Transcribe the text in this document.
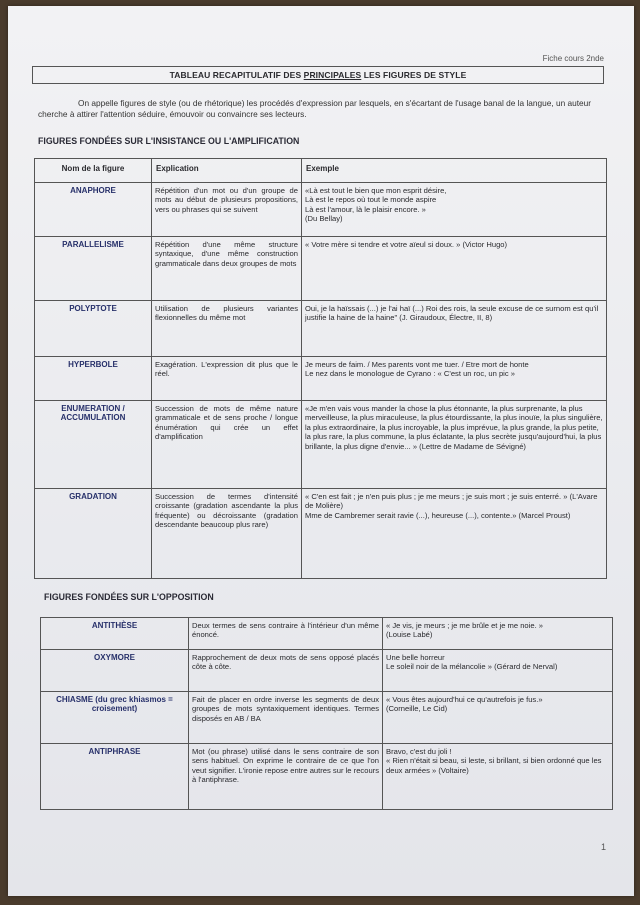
Fiche cours 2nde
TABLEAU RECAPITULATIF DES PRINCIPALES LES FIGURES DE STYLE
On appelle figures de style (ou de rhétorique) les procédés d'expression par lesquels, en s'écartant de l'usage banal de la langue, un auteur cherche à attirer l'attention séduire, émouvoir ou convaincre ses lecteurs.
FIGURES FONDÉES SUR L'INSISTANCE OU L'AMPLIFICATION
Nom de la figure	Explication	Exemple
ANAPHORE	Répétition d'un mot ou d'un groupe de mots au début de plusieurs propositions, vers ou phrases qui se suivent	«Là est tout le bien que mon esprit désire,
Là est le repos où tout le monde aspire
Là est l'amour, là le plaisir encore. »
(Du Bellay)

PARALLELISME	Répétition d'une même structure syntaxique, d'une même construction grammaticale dans deux groupes de mots	« Votre mère si tendre et votre aïeul si doux. » (Victor Hugo)

POLYPTOTE	Utilisation de plusieurs variantes flexionnelles du même mot	Oui, je la haïssais (...) je l'ai haï (...) Roi des rois, la seule excuse de ce surnom est qu'il justifie la haine de la haine" (J. Giraudoux, Électre, II, 8)

HYPERBOLE	Exagération. L'expression dit plus que le réel.	Je meurs de faim. / Mes parents vont me tuer. / Etre mort de honte
Le nez dans le monologue de Cyrano : « C'est un roc, un pic »

ENUMERATION / ACCUMULATION	Succession de mots de même nature grammaticale et de sens proche / longue énumération qui crée un effet d'amplification	«Je m'en vais vous mander la chose la plus étonnante, la plus surprenante, la plus merveilleuse, la plus miraculeuse, la plus étourdissante, la plus inouïe, la plus singulière, la plus extraordinaire, la plus incroyable, la plus imprévue, la plus grande, la plus petite, la plus rare, la plus commune, la plus éclatante, la plus secrète jusqu'aujourd'hui, la plus brillante, la plus digne d'envie... » (Lettre de Madame de Sévigné)

GRADATION	Succession de termes d'intensité croissante (gradation ascendante la plus fréquente) ou décroissante (gradation descendante beaucoup plus rare)	« C'en est fait ; je n'en puis plus ; je me meurs ; je suis mort ; je suis enterré. » (L'Avare de Molière)
Mme de Cambremer serait ravie (...), heureuse (...), contente.» (Marcel Proust)
FIGURES FONDÉES SUR L'OPPOSITION
ANTITHÈSE	Deux termes de sens contraire à l'intérieur d'un même énoncé.	« Je vis, je meurs ; je me brûle et je me noie. »
(Louise Labé)

OXYMORE	Rapprochement de deux mots de sens opposé placés côte à côte.	Une belle horreur
Le soleil noir de la mélancolie » (Gérard de Nerval)

CHIASME (du grec khiasmos = croisement)	Fait de placer en ordre inverse les segments de deux groupes de mots syntaxiquement identiques. Termes disposés en AB / BA	« Vous êtes aujourd'hui ce qu'autrefois je fus.»
(Corneille, Le Cid)

ANTIPHRASE	Mot (ou phrase) utilisé dans le sens contraire de son sens habituel. On exprime le contraire de ce que l'on veut signifier. L'ironie repose entre autres sur le recours à l'antiphrase.	Bravo, c'est du joli !
« Rien n'était si beau, si leste, si brillant, si bien ordonné que les deux armées » (Voltaire)
1
